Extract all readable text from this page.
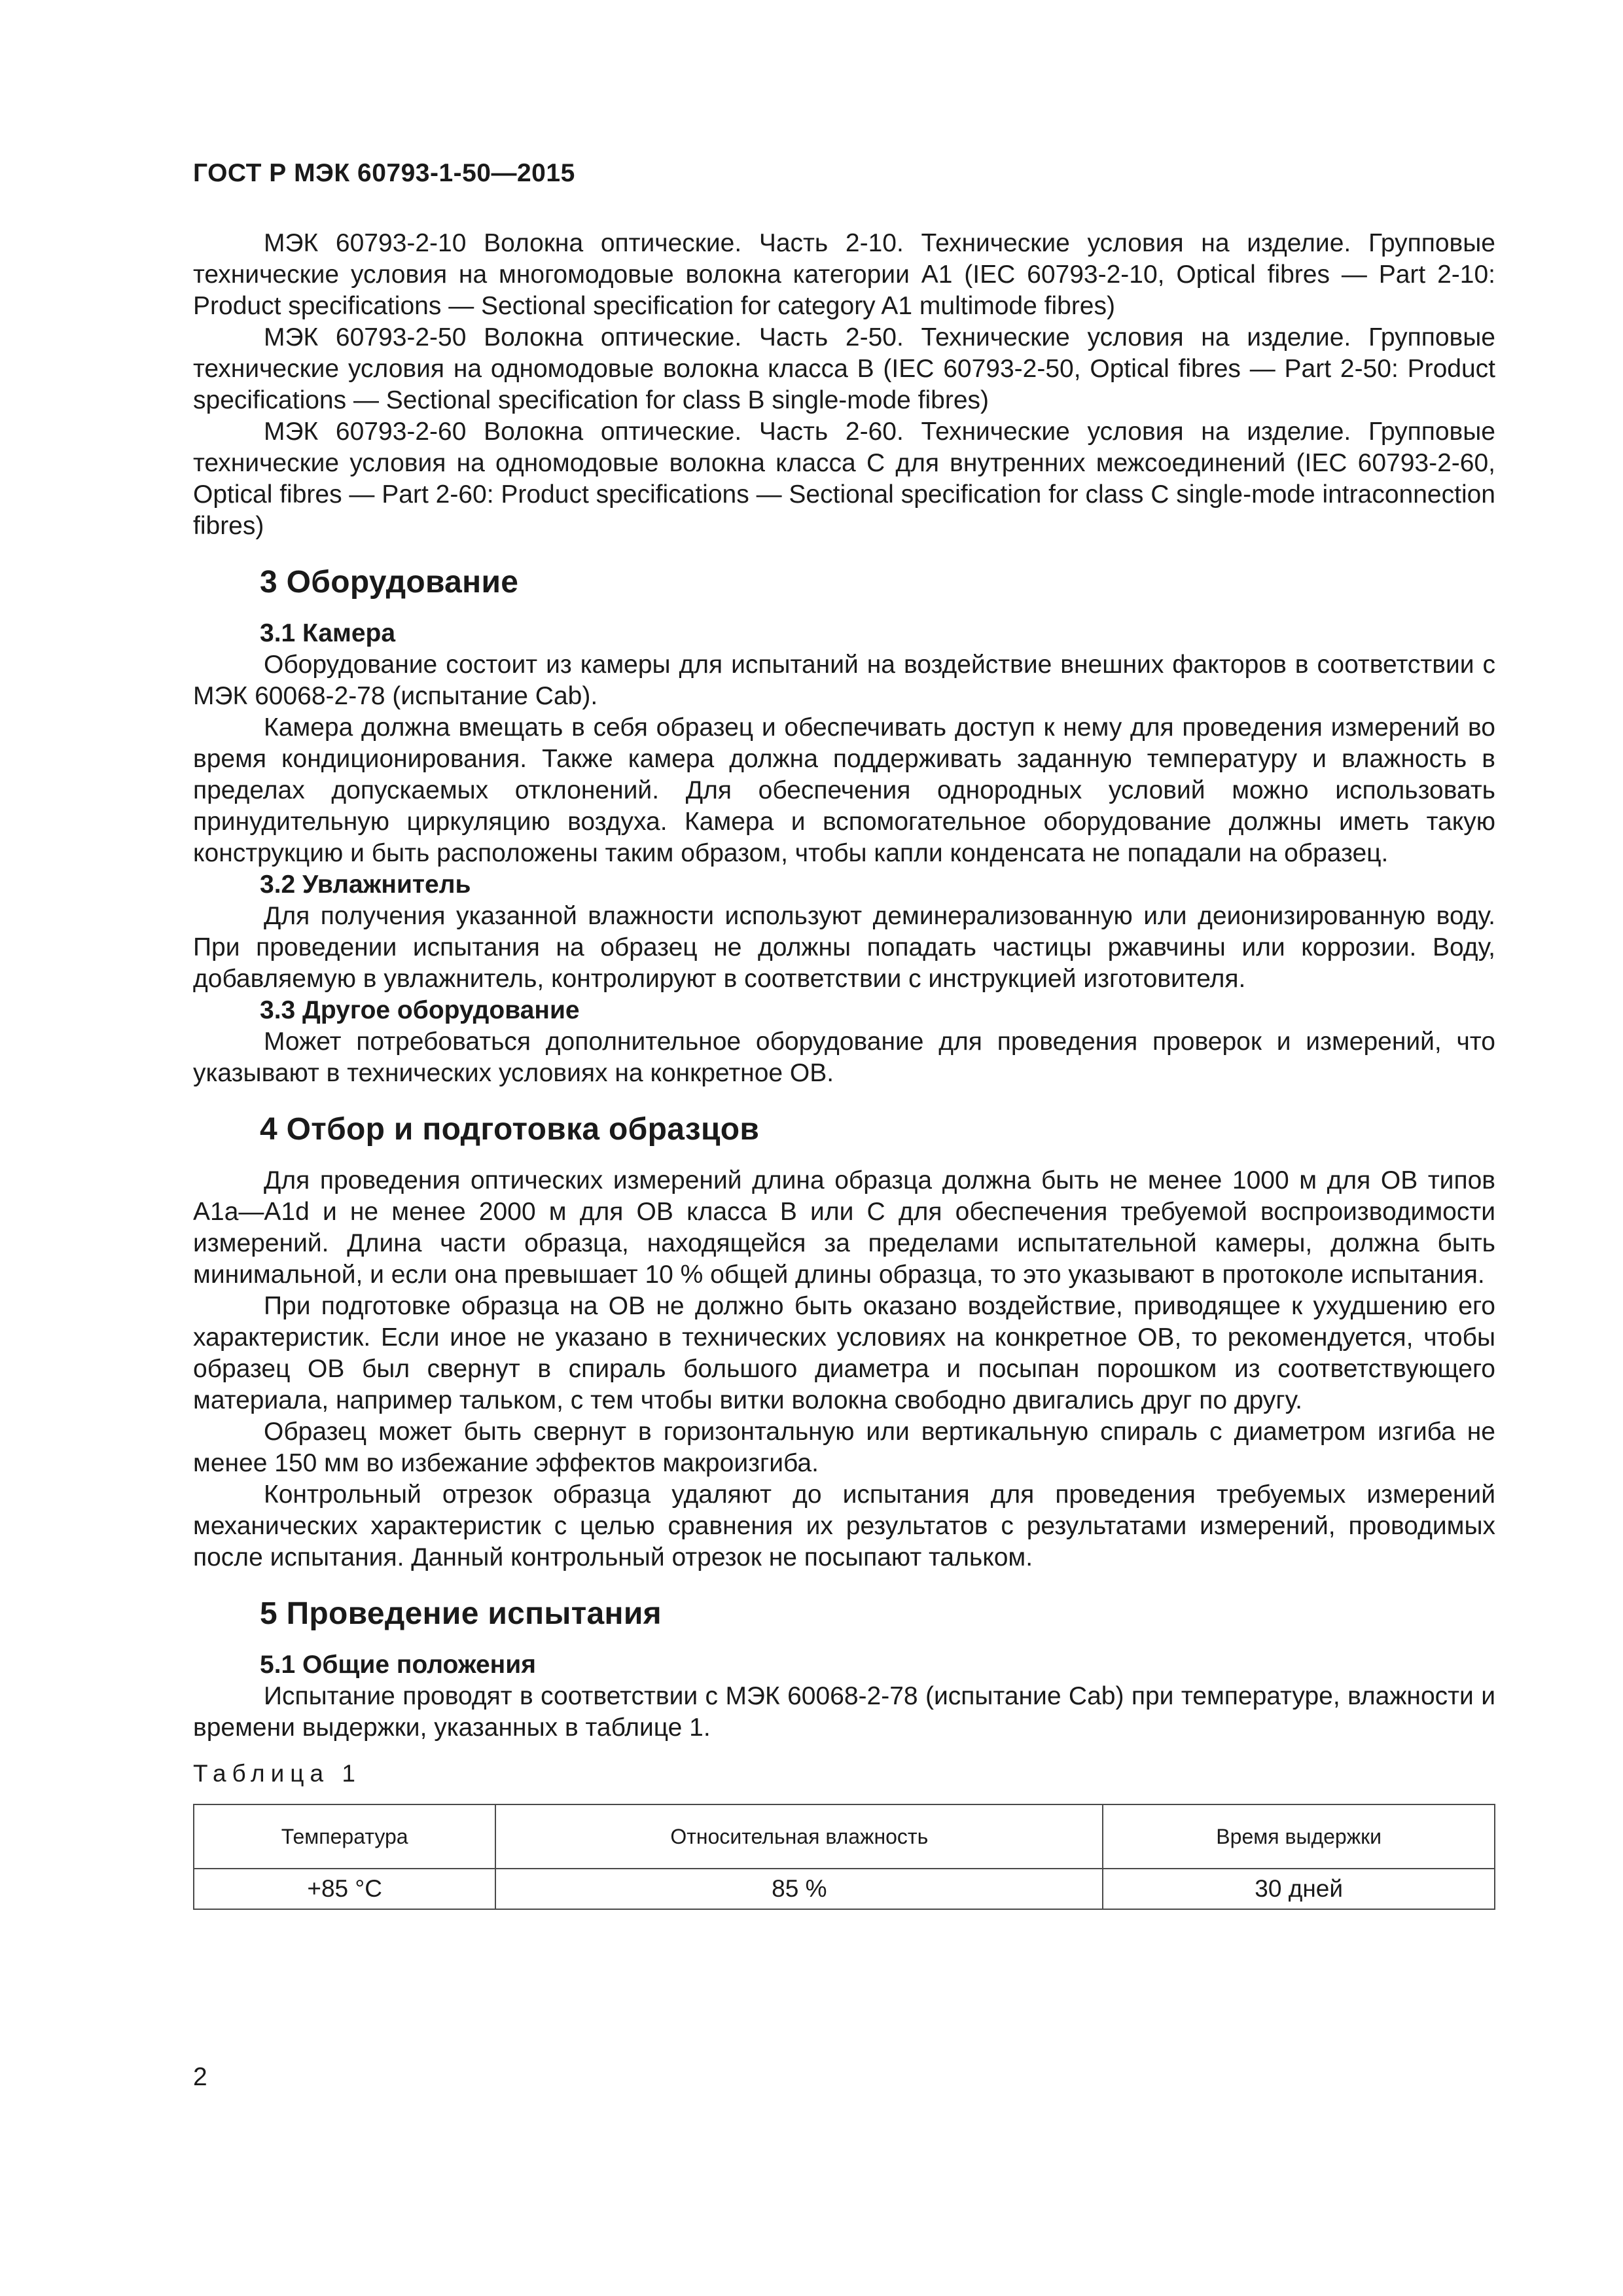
ГОСТ Р МЭК 60793-1-50—2015

МЭК 60793-2-10 Волокна оптические. Часть 2-10. Технические условия на изделие. Групповые технические условия на многомодовые волокна категории А1 (IEC 60793-2-10, Optical fibres — Part 2-10: Product specifications — Sectional specification for category A1 multimode fibres)

МЭК 60793-2-50 Волокна оптические. Часть 2-50. Технические условия на изделие. Групповые технические условия на одномодовые волокна класса В (IEC 60793-2-50, Optical fibres — Part 2-50: Product specifications — Sectional specification for class B single-mode fibres)

МЭК 60793-2-60 Волокна оптические. Часть 2-60. Технические условия на изделие. Групповые технические условия на одномодовые волокна класса С для внутренних межсоединений (IEC 60793-2-60, Optical fibres — Part 2-60: Product specifications — Sectional specification for class C single-mode intraconnection fibres)

3 Оборудование
3.1 Камера

Оборудование состоит из камеры для испытаний на воздействие внешних факторов в соответствии с МЭК 60068-2-78 (испытание Cab).

Камера должна вмещать в себя образец и обеспечивать доступ к нему для проведения измерений во время кондиционирования. Также камера должна поддерживать заданную температуру и влажность в пределах допускаемых отклонений. Для обеспечения однородных условий можно использовать принудительную циркуляцию воздуха. Камера и вспомогательное оборудование должны иметь такую конструкцию и быть расположены таким образом, чтобы капли конденсата не попадали на образец.

3.2 Увлажнитель

Для получения указанной влажности используют деминерализованную или деионизированную воду. При проведении испытания на образец не должны попадать частицы ржавчины или коррозии. Воду, добавляемую в увлажнитель, контролируют в соответствии с инструкцией изготовителя.

3.3 Другое оборудование

Может потребоваться дополнительное оборудование для проведения проверок и измерений, что указывают в технических условиях на конкретное ОВ.

4 Отбор и подготовка образцов

Для проведения оптических измерений длина образца должна быть не менее 1000 м для ОВ типов A1a—A1d и не менее 2000 м для ОВ класса В или С для обеспечения требуемой воспроизводимости измерений. Длина части образца, находящейся за пределами испытательной камеры, должна быть минимальной, и если она превышает 10 % общей длины образца, то это указывают в протоколе испытания.

При подготовке образца на ОВ не должно быть оказано воздействие, приводящее к ухудшению его характеристик. Если иное не указано в технических условиях на конкретное ОВ, то рекомендуется, чтобы образец ОВ был свернут в спираль большого диаметра и посыпан порошком из соответствующего материала, например тальком, с тем чтобы витки волокна свободно двигались друг по другу.

Образец может быть свернут в горизонтальную или вертикальную спираль с диаметром изгиба не менее 150 мм во избежание эффектов макроизгиба.

Контрольный отрезок образца удаляют до испытания для проведения требуемых измерений механических характеристик с целью сравнения их результатов с результатами измерений, проводимых после испытания. Данный контрольный отрезок не посыпают тальком.

5 Проведение испытания
5.1 Общие положения

Испытание проводят в соответствии с МЭК 60068-2-78 (испытание Cab) при температуре, влажности и времени выдержки, указанных в таблице 1.

Таблица 1
Температура	Относительная влажность	Время выдержки
+85 °С	85 %	30 дней
2
